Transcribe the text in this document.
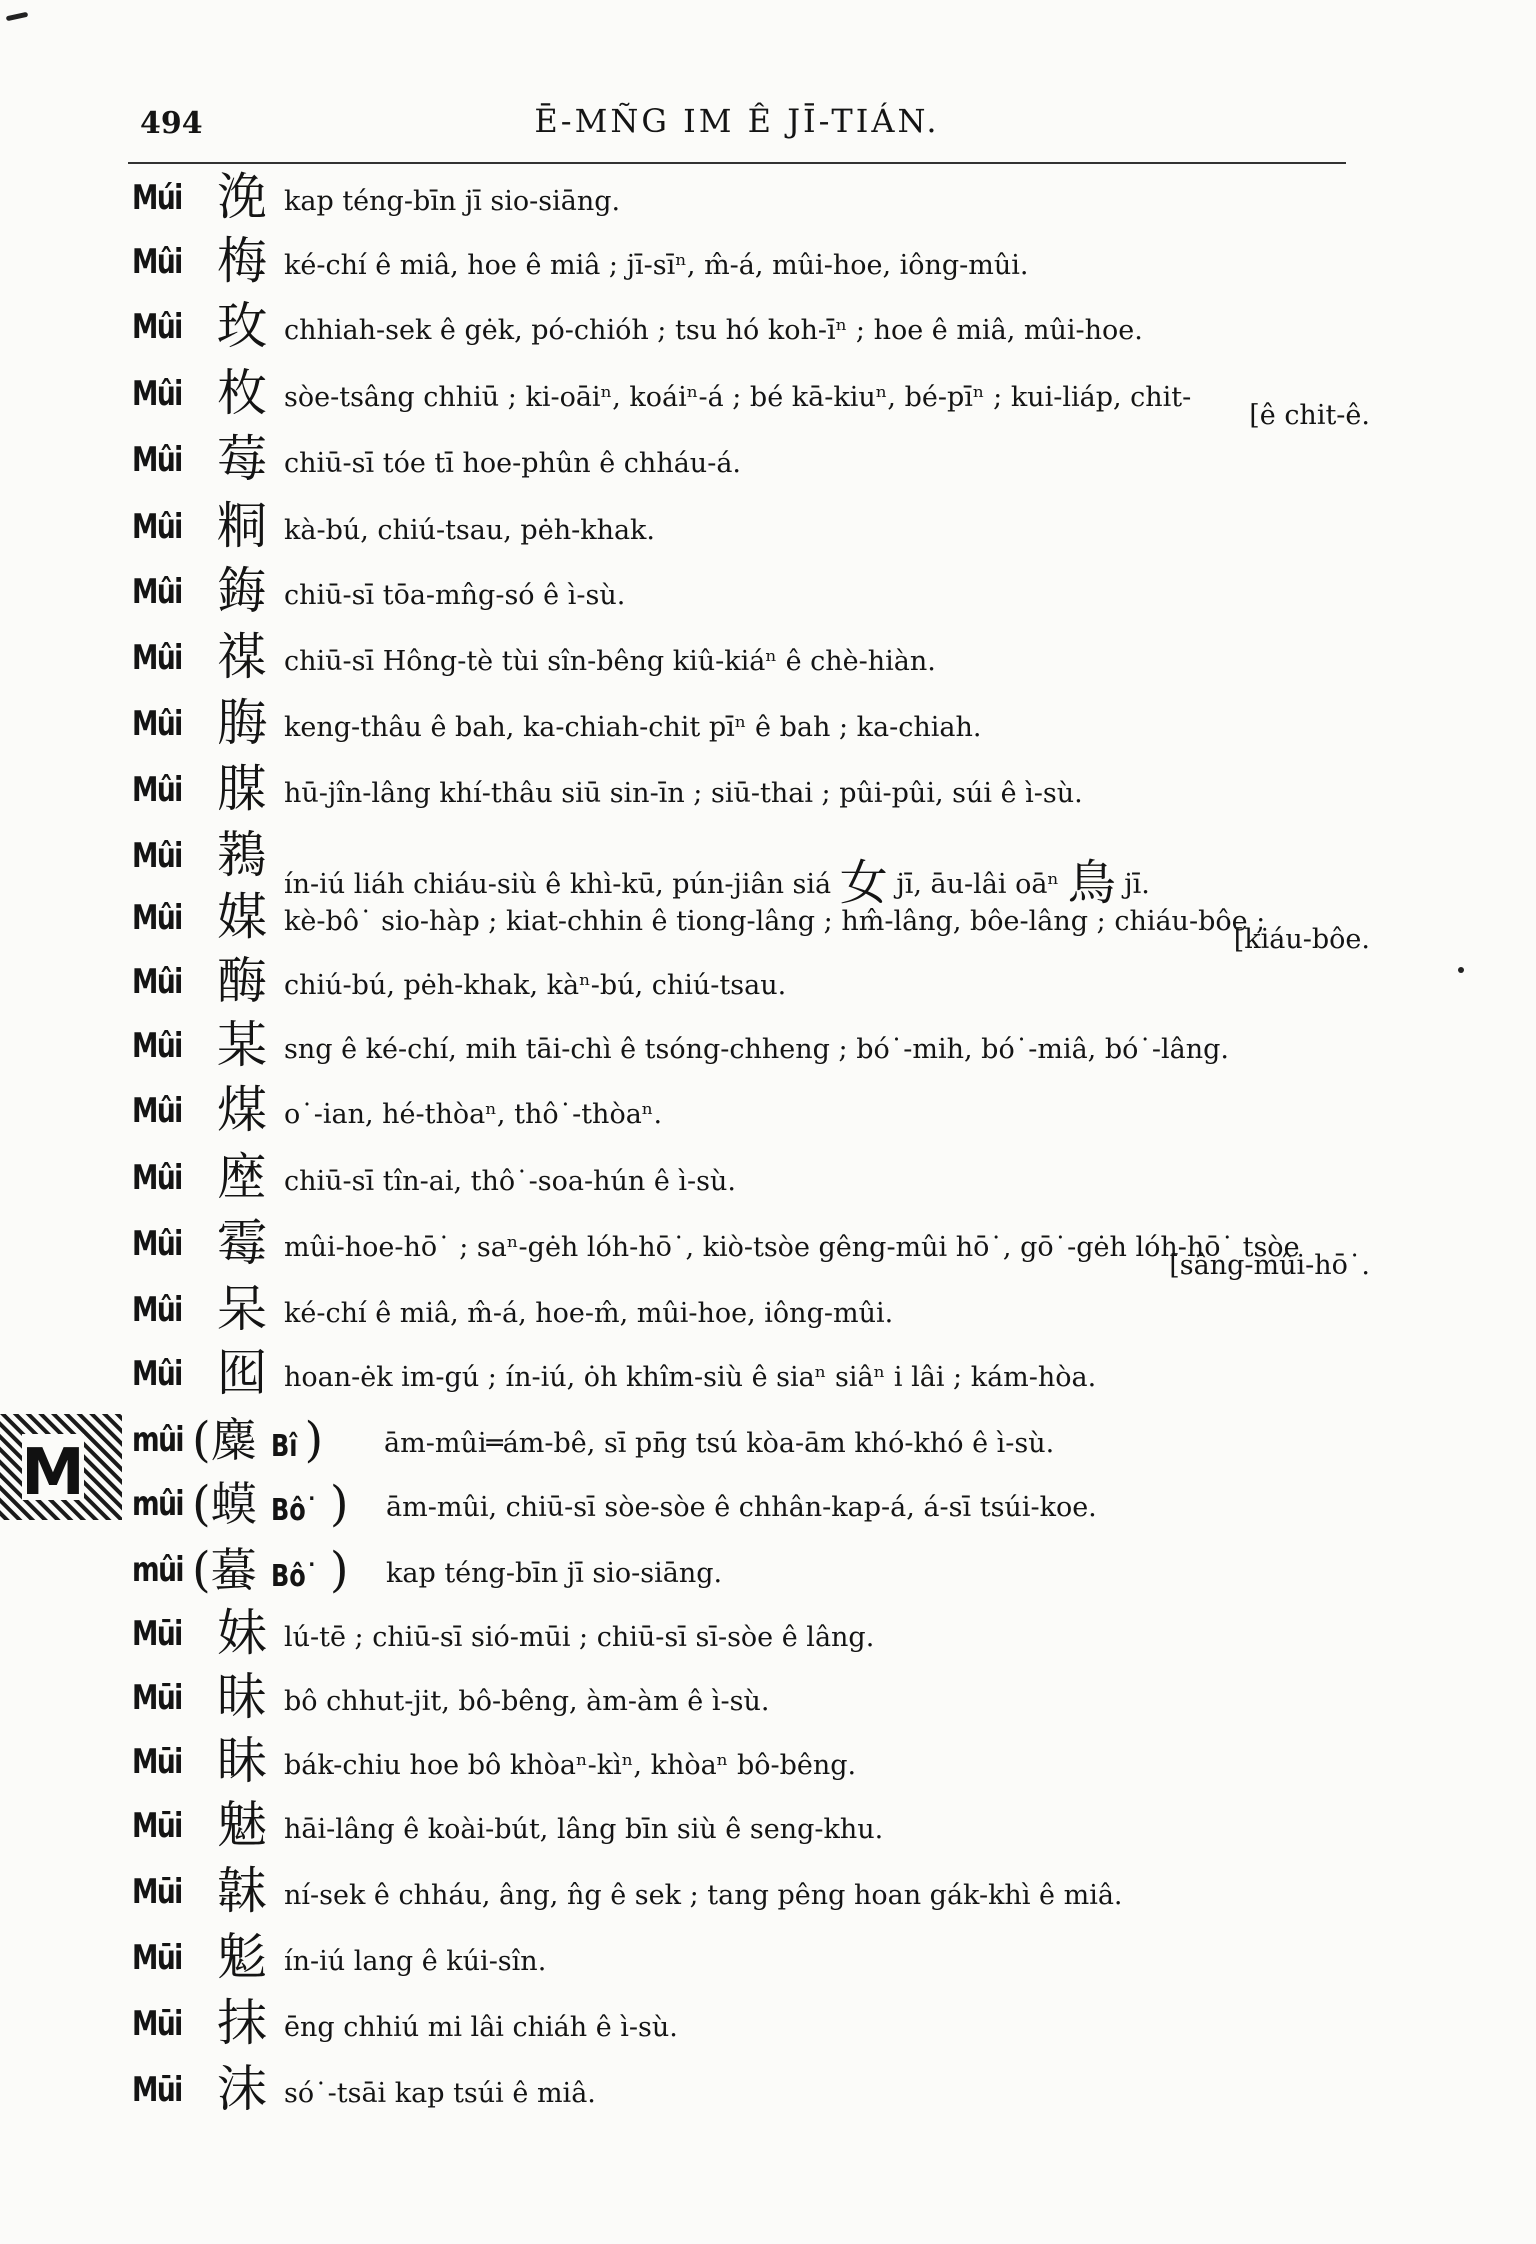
494	Ē-MÑG IM Ê JĪ-TIÁN.
M
Múi 浼 kap téng-bīn jī sio-siāng.
Mûi 梅 ké-chí ê miâ, hoe ê miâ ; jī-sīⁿ, m̂-á, mûi-hoe, iông-mûi.
Mûi 玫 chhiah-sek ê gėk, pó-chióh ; tsu hó koh-īⁿ ; hoe ê miâ, mûi-hoe.
Mûi 枚 sòe-tsâng chhiū ; ki-oāiⁿ, koáiⁿ-á ; bé kā-kiuⁿ, bé-pīⁿ ; kui-liáp, chit-
[ê chit-ê.
Mûi 莓 chiū-sī tóe tī hoe-phûn ê chháu-á.
Mûi 粡 kà-bú, chiú-tsau, pėh-khak.
Mûi 鋂 chiū-sī tōa-mn̂g-só ê ì-sù.
Mûi 禖 chiū-sī Hông-tè tùi sîn-bêng kiû-kiáⁿ ê chè-hiàn.
Mûi 脢 keng-thâu ê bah, ka-chiah-chit pīⁿ ê bah ; ka-chiah.
Mûi 腜 hū-jîn-lâng khí-thâu siū sin-īn ; siū-thai ; pûi-pûi, súi ê ì-sù.
Mûi 鶜
ín-iú liáh chiáu-siù ê khì-kū, pún-jiân siá 女 jī, āu-lâi oāⁿ 鳥 jī.
Mûi 媒 kè-bô˙ sio-hàp ; kiat-chhin ê tiong-lâng ; hm̂-lâng, bôe-lâng ; chiáu-bôe ;
[kiáu-bôe.
Mûi 酶 chiú-bú, pėh-khak, kàⁿ-bú, chiú-tsau.
Mûi 某 sng ê ké-chí, mih tāi-chì ê tsóng-chheng ; bó˙-mih, bó˙-miâ, bó˙-lâng.
Mûi 煤 o˙-ian, hé-thòaⁿ, thô˙-thòaⁿ.
Mûi 塺 chiū-sī tîn-ai, thô˙-soa-hún ê ì-sù.
Mûi 霉 mûi-hoe-hō˙ ; saⁿ-gėh lóh-hō˙, kiò-tsòe gêng-mûi hō˙, gō˙-gėh lóh-hō˙ tsòe
[sâng-mûi-hō˙.
Mûi 呆 ké-chí ê miâ, m̂-á, hoe-m̂, mûi-hoe, iông-mûi.
Mûi 囮 hoan-ėk im-gú ; ín-iú, ȯh khîm-siù ê siaⁿ siâⁿ i lâi ; kám-hòa.
mûi (麋 Bî ) ām-mûi═ám-bê, sī pn̄g tsú kòa-ām khó-khó ê ì-sù.
mûi (蟆 Bô˙ ) ām-mûi, chiū-sī sòe-sòe ê chhân-kap-á, á-sī tsúi-koe.
mûi (蟇 Bô˙ ) kap téng-bīn jī sio-siāng.
Mūi 妹 lú-tē ; chiū-sī sió-mūi ; chiū-sī sī-sòe ê lâng.
Mūi 昧 bô chhut-jit, bô-bêng, àm-àm ê ì-sù.
Mūi 眛 bák-chiu hoe bô khòaⁿ-kìⁿ, khòaⁿ bô-bêng.
Mūi 魅 hāi-lâng ê koài-bút, lâng bīn siù ê seng-khu.
Mūi 韎 ní-sek ê chháu, âng, n̂g ê sek ; tang pêng hoan gák-khì ê miâ.
Mūi 鬽 ín-iú lang ê kúi-sîn.
Mūi 抹 ēng chhiú mi lâi chiáh ê ì-sù.
Mūi 沫 só˙-tsāi kap tsúi ê miâ.
